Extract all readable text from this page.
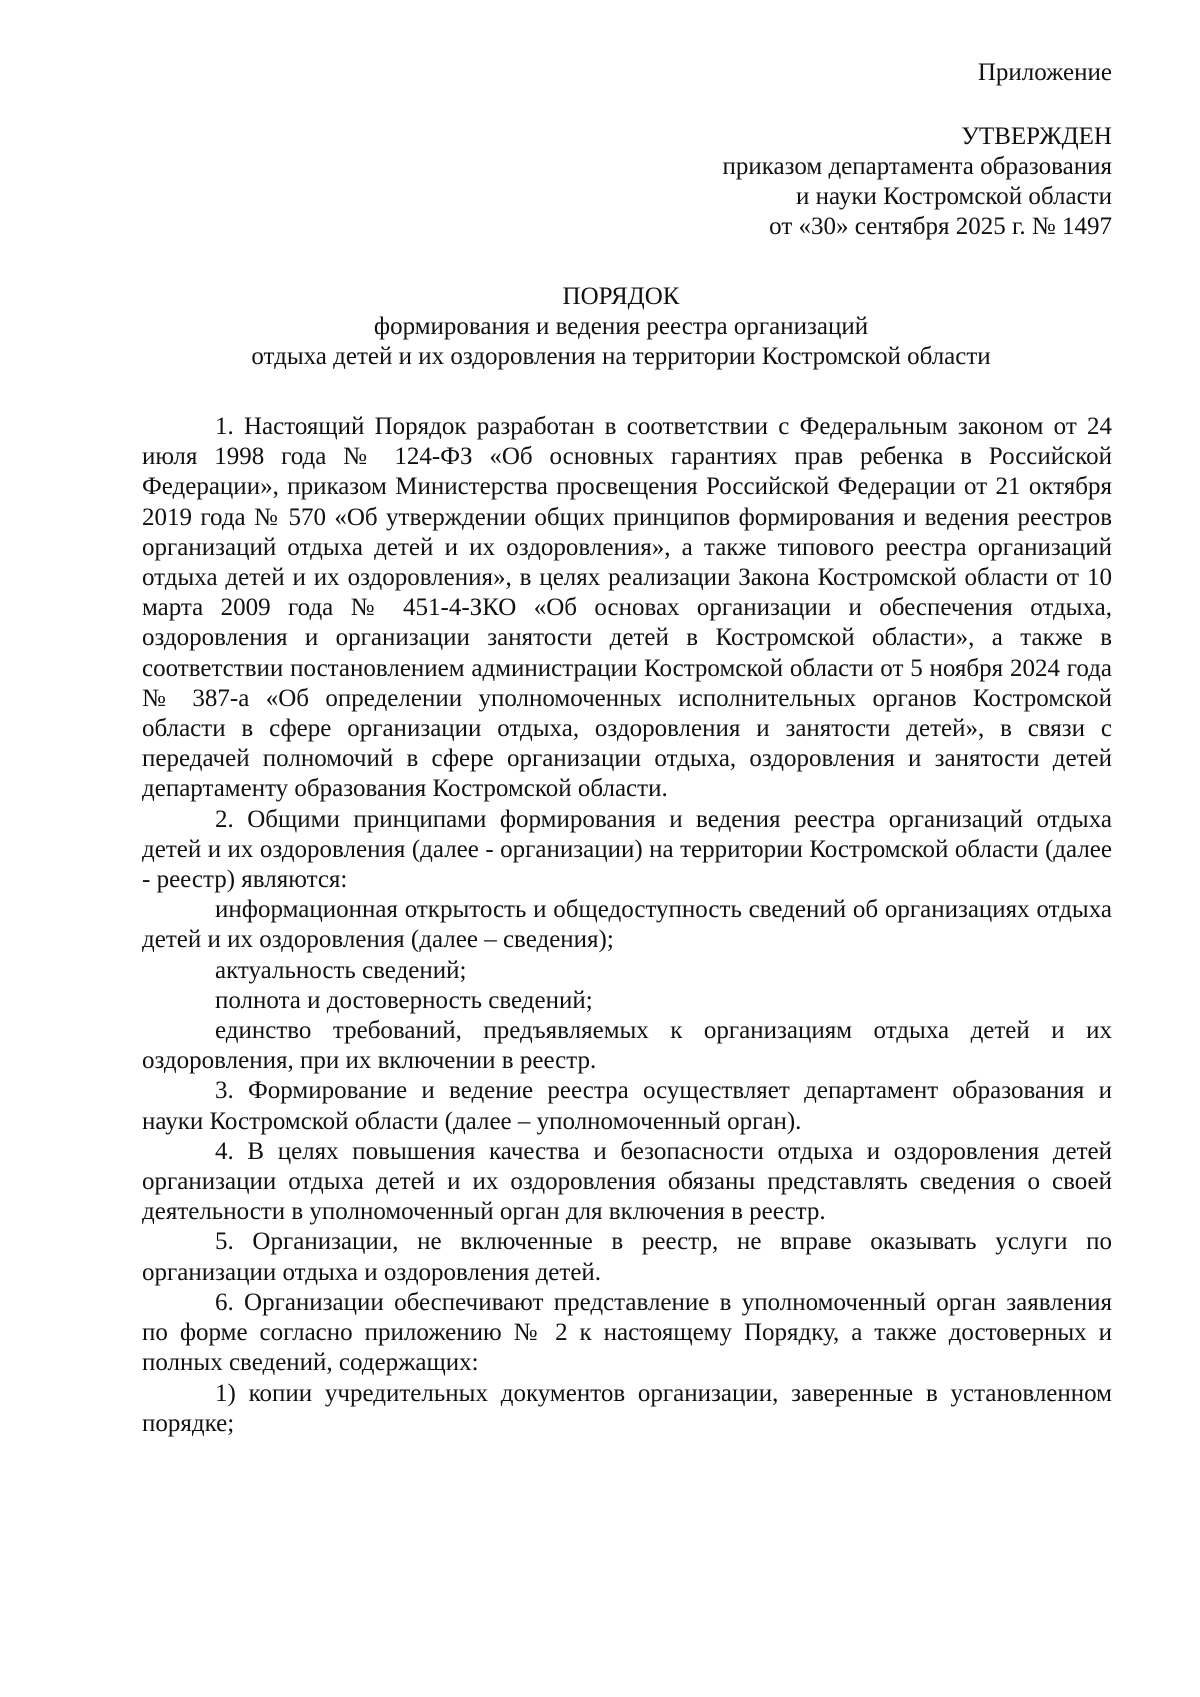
Приложение
УТВЕРЖДЕН
приказом департамента образования
и науки Костромской области
от «30» сентября 2025 г. № 1497
ПОРЯДОК
формирования и ведения реестра организаций
отдыха детей и их оздоровления на территории Костромской области

1. Настоящий Порядок разработан в соответствии с Федеральным законом от 24 июля 1998 года № 124-ФЗ «Об основных гарантиях прав ребенка в Российской Федерации», приказом Министерства просвещения Российской Федерации от 21 октября 2019 года № 570 «Об утверждении общих принципов формирования и ведения реестров организаций отдыха детей и их оздоровления», а также типового реестра организаций отдыха детей и их оздоровления», в целях реализации Закона Костромской области от 10 марта 2009 года № 451-4-ЗКО «Об основах организации и обеспечения отдыха, оздоровления и организации занятости детей в Костромской области», а также в соответствии постановлением администрации Костромской области от 5 ноября 2024 года № 387-а «Об определении уполномоченных исполнительных органов Костромской области в сфере организации отдыха, оздоровления и занятости детей», в связи с передачей полномочий в сфере организации отдыха, оздоровления и занятости детей департаменту образования Костромской области.

2. Общими принципами формирования и ведения реестра организаций отдыха детей и их оздоровления (далее - организации) на территории Костромской области (далее - реестр) являются:

информационная открытость и общедоступность сведений об организациях отдыха детей и их оздоровления (далее – сведения);

актуальность сведений;

полнота и достоверность сведений;

единство требований, предъявляемых к организациям отдыха детей и их оздоровления, при их включении в реестр.

3. Формирование и ведение реестра осуществляет департамент образования и науки Костромской области (далее – уполномоченный орган).

4. В целях повышения качества и безопасности отдыха и оздоровления детей организации отдыха детей и их оздоровления обязаны представлять сведения о своей деятельности в уполномоченный орган для включения в реестр.

5. Организации, не включенные в реестр, не вправе оказывать услуги по организации отдыха и оздоровления детей.

6. Организации обеспечивают представление в уполномоченный орган заявления по форме согласно приложению № 2 к настоящему Порядку, а также достоверных и полных сведений, содержащих:

1) копии учредительных документов организации, заверенные в установленном порядке;
